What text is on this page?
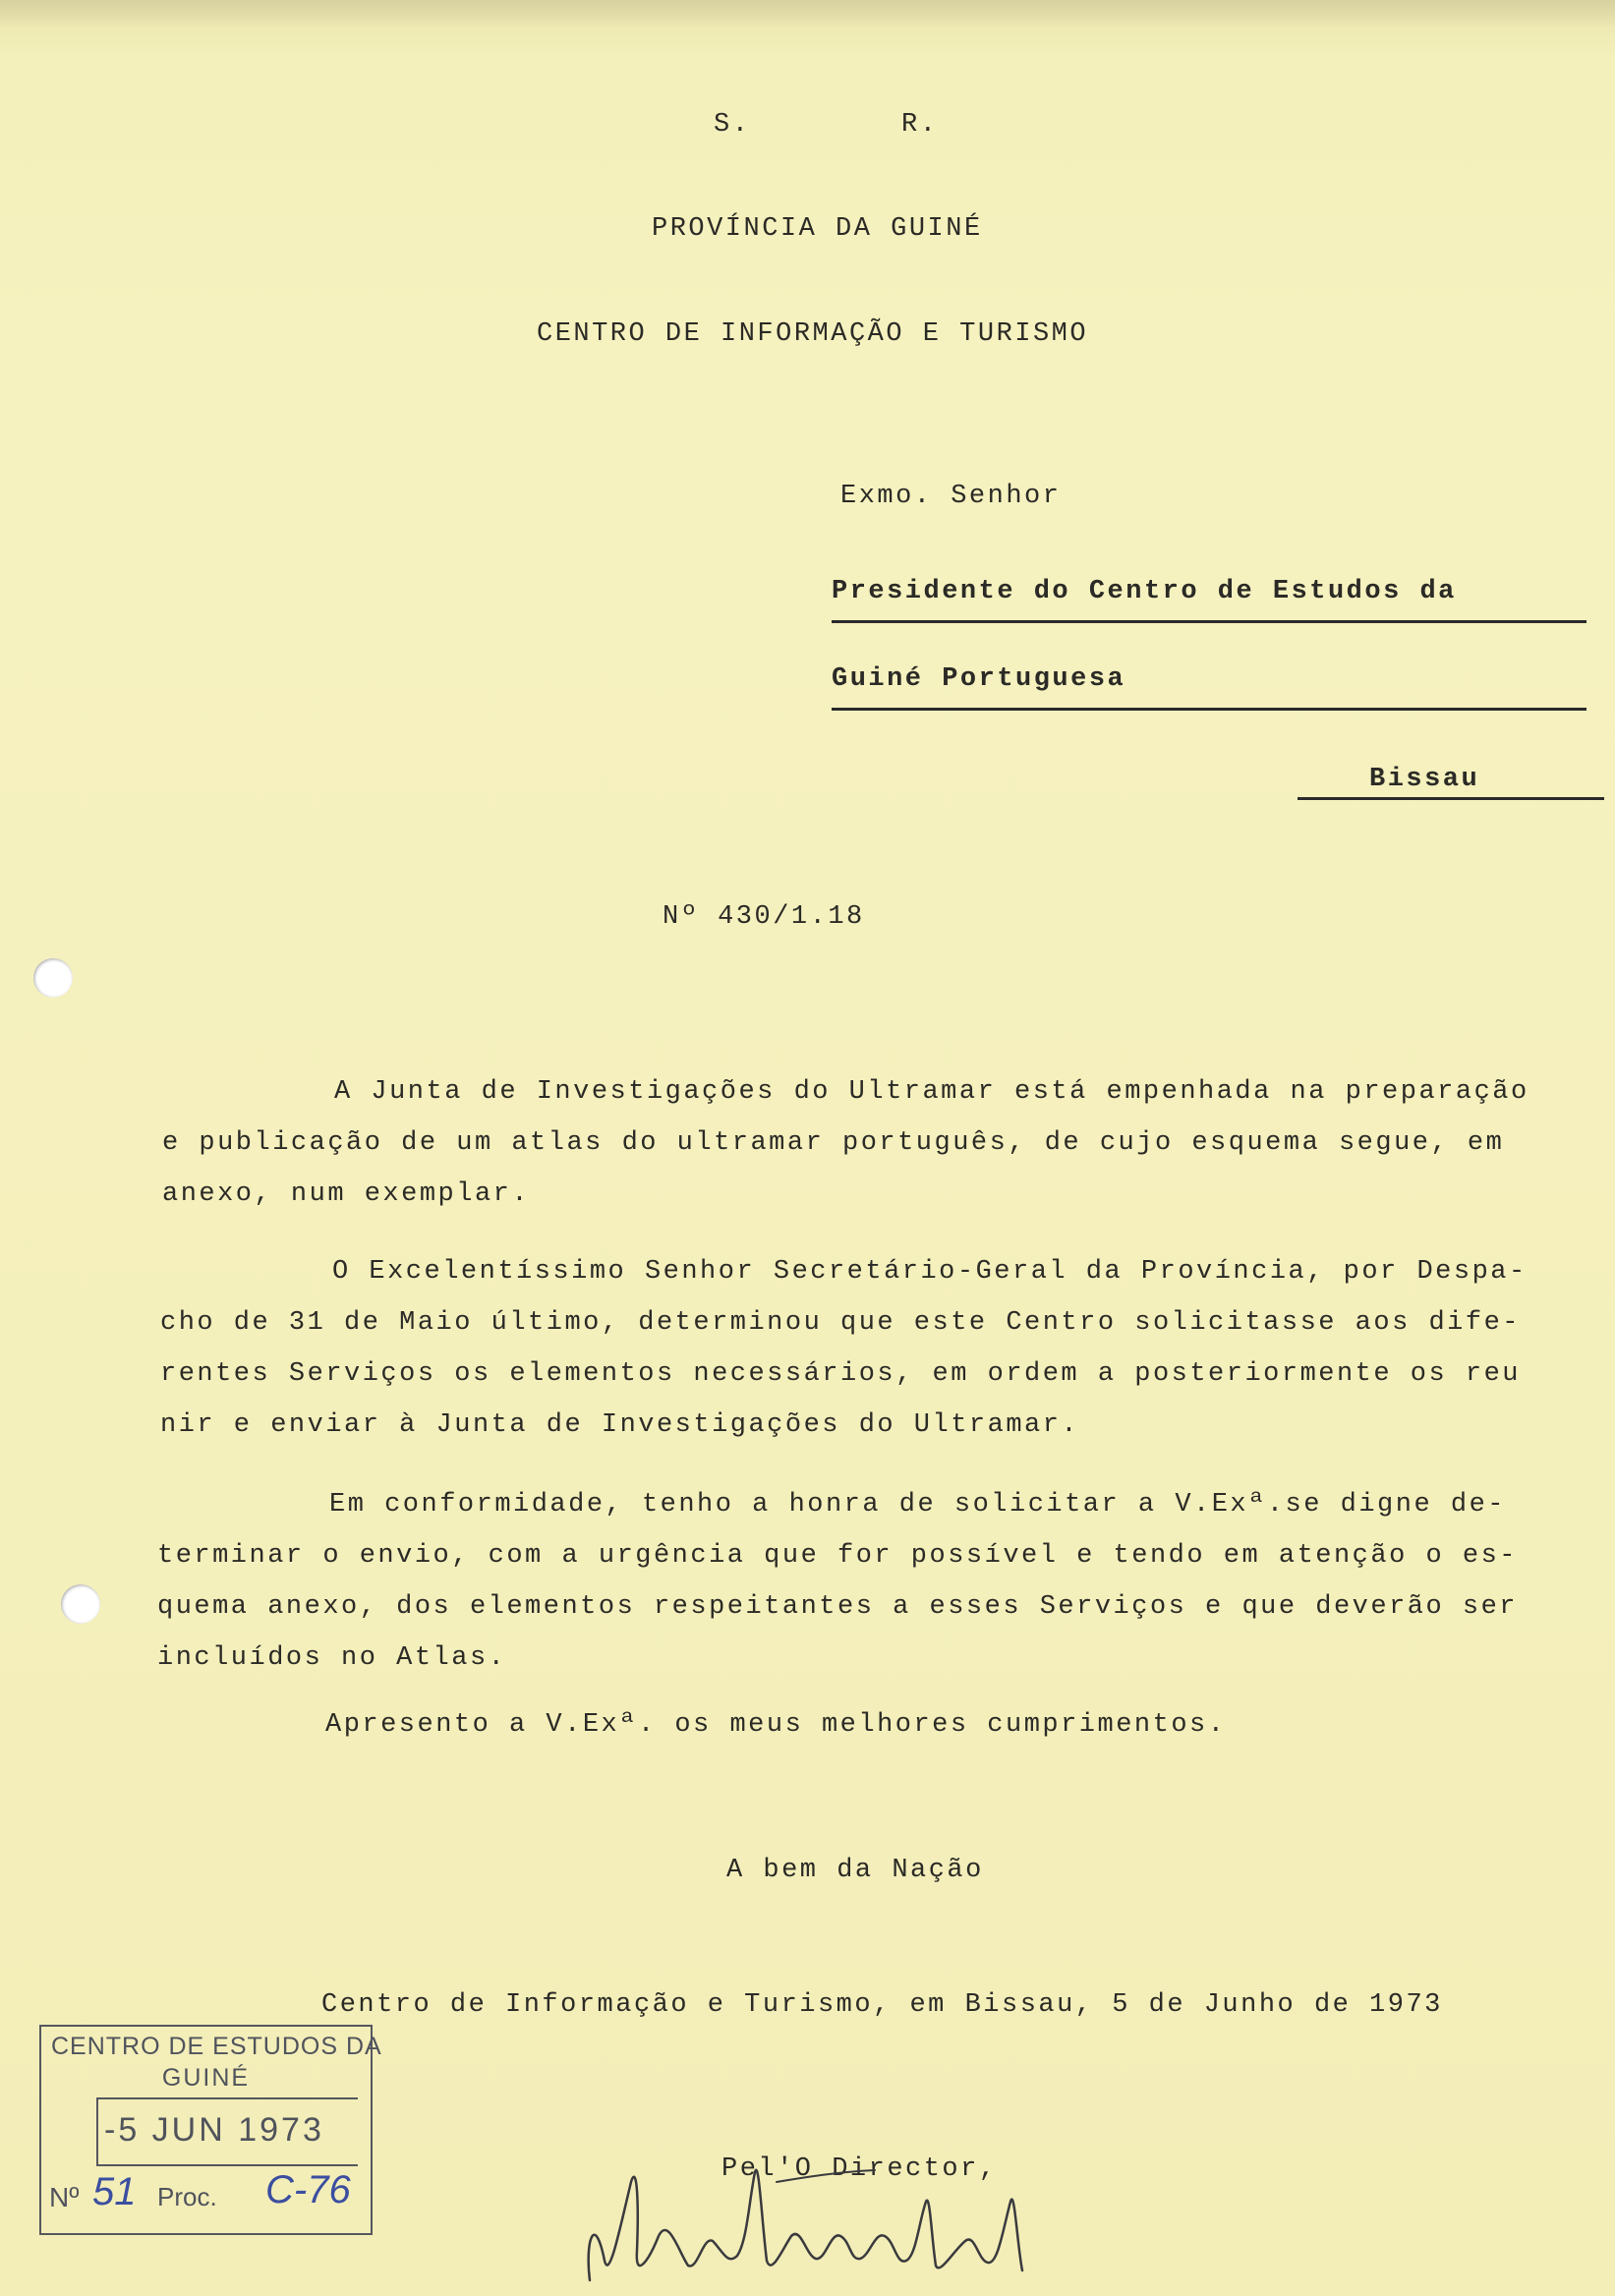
S.	R.
PROVÍNCIA DA GUINÉ
CENTRO DE INFORMAÇÃO E TURISMO
Exmo. Senhor
Presidente do Centro de Estudos da
Guiné Portuguesa
Bissau
Nº 430/1.18
A Junta de Investigações do Ultramar está empenhada na preparação
e publicação de um atlas do ultramar português, de cujo esquema segue, em
anexo, num exemplar.
O Excelentíssimo Senhor Secretário-Geral da Província, por Despa-
cho de 31 de Maio último, determinou que este Centro solicitasse aos dife-
rentes Serviços os elementos necessários, em ordem a posteriormente os reu
nir e enviar à Junta de Investigações do Ultramar.
Em conformidade, tenho a honra de solicitar a V.Exª.se digne de-
terminar o envio, com a urgência que for possível e tendo em atenção o es-
quema anexo, dos elementos respeitantes a esses Serviços e que deverão ser
incluídos no Atlas.
Apresento a V.Exª. os meus melhores cumprimentos.
A bem da Nação
Centro de Informação e Turismo, em Bissau, 5 de Junho de 1973
Pel'O Director,
CENTRO DE ESTUDOS DA
GUINÉ
-5 JUN 1973
Nº 51 Proc. C-76
